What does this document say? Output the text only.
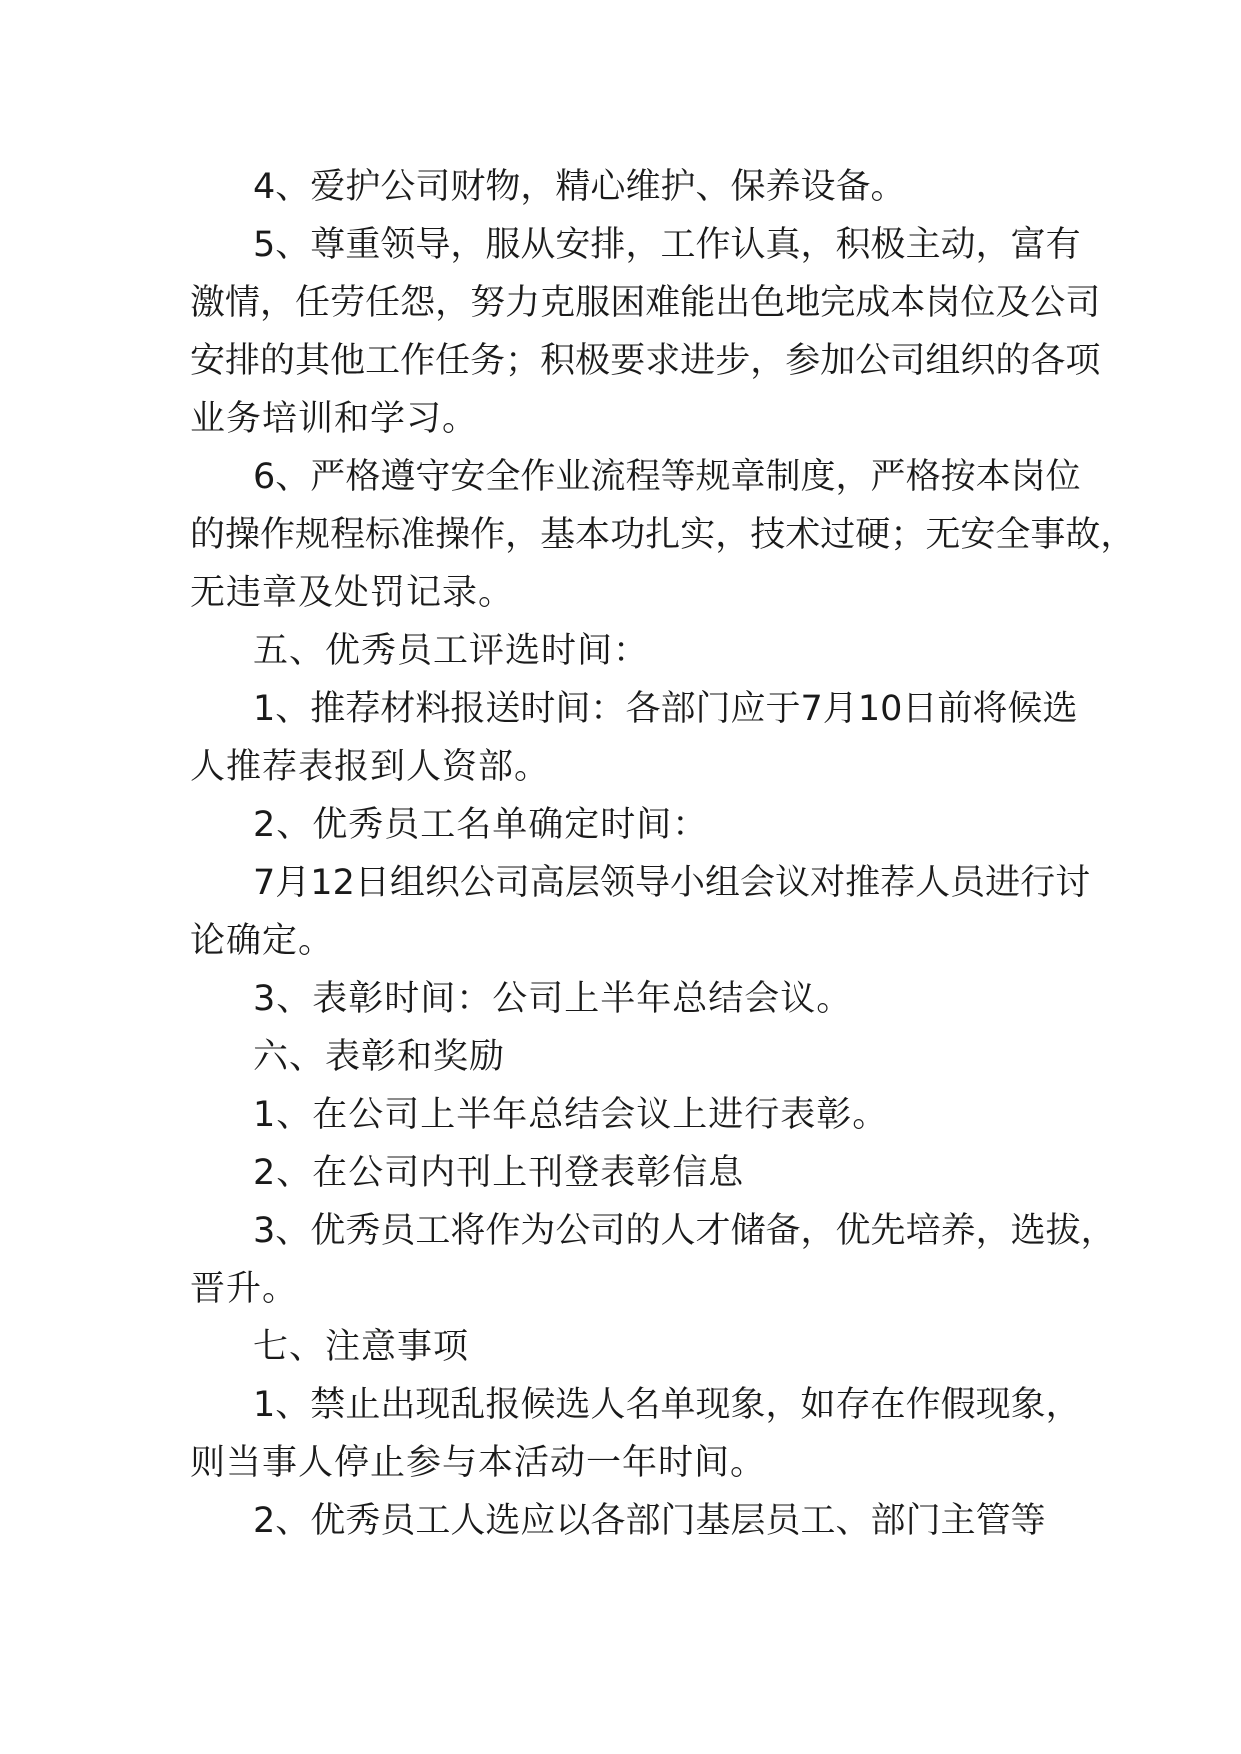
4 、 爱 护 公 司 财 物 ， 精 心 维 护 、 保 养 设 备 。
5 、 尊 重 领 导 ， 服 从 安 排 ， 工 作 认 真 ， 积 极 主 动 ， 富 有
激 情 ， 任 劳 任 怨 ， 努 力 克 服 困 难 能 出 色 地 完 成 本 岗 位 及 公 司
安 排 的 其 他 工 作 任 务 ； 积 极 要 求 进 步 ， 参 加 公 司 组 织 的 各 项
业务培训和学习。
6 、 严 格 遵 守 安 全 作 业 流 程 等 规 章 制 度 ， 严 格 按 本 岗 位
的 操 作 规 程 标 准 操 作 ， 基 本 功 扎 实 ， 技 术 过 硬 ； 无 安 全 事 故 ，
无违章及处罚记录。
五、优秀员工评选时间：
1 、 推 荐 材 料 报 送 时 间 ： 各 部 门 应 于 7 月 1 0 日 前 将 候 选
人推荐表报到人资部。
2、优秀员工名单确定时间：
7 月 1 2 日 组 织 公 司 高 层 领 导 小 组 会 议 对 推 荐 人 员 进 行 讨
论确定。
3、表彰时间：公司上半年总结会议。
六、表彰和奖励
1、在公司上半年总结会议上进行表彰。
2、在公司内刊上刊登表彰信息
3 、 优 秀 员 工 将 作 为 公 司 的 人 才 储 备 ， 优 先 培 养 ， 选 拔 ，
晋升。
七、注意事项
1 、 禁 止 出 现 乱 报 候 选 人 名 单 现 象 ， 如 存 在 作 假 现 象 ，
则当事人停止参与本活动一年时间。
2 、 优 秀 员 工 人 选 应 以 各 部 门 基 层 员 工 、 部 门 主 管 等
